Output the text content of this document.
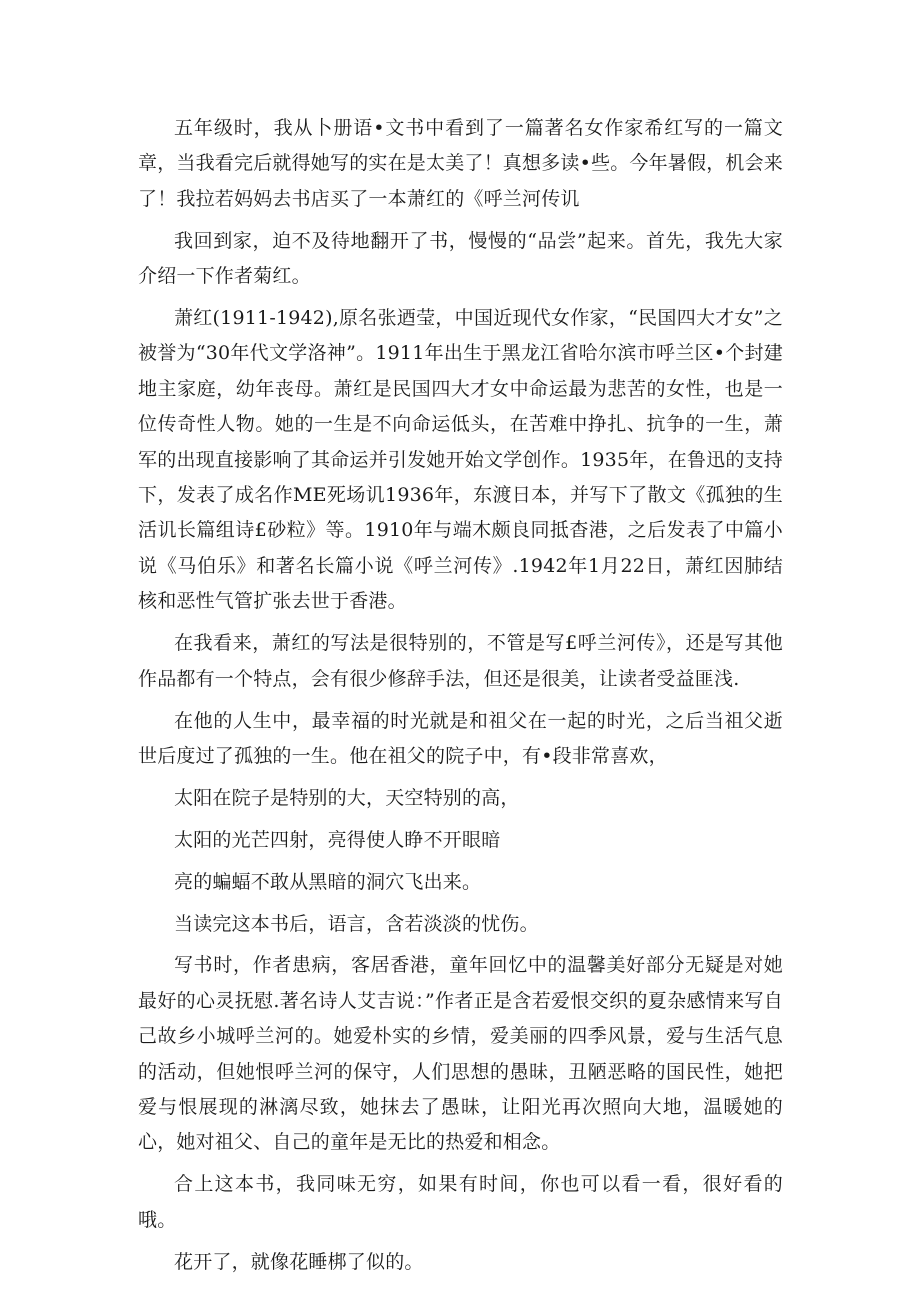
五年级时，我从卜册语•文书中看到了一篇著名女作家希红写的一篇文章，当我看完后就得她写的实在是太美了！真想多读•些。今年暑假，机会来了！我拉若妈妈去书店买了一本萧红的《呼兰河传讥

我回到家，迫不及待地翻开了书，慢慢的“品尝”起来。首先，我先大家介绍一下作者菊红。

萧红(1911-1942),原名张迺莹，中国近现代女作家，“民国四大才女”之被誉为“30年代文学洛神”。1911年出生于黑龙江省哈尔滨市呼兰区•个封建地主家庭，幼年丧母。萧红是民国四大才女中命运最为悲苦的女性，也是一位传奇性人物。她的一生是不向命运低头，在苦难中挣扎、抗争的一生，萧军的出现直接影响了其命运并引发她开始文学创作。1935年，在鲁迅的支持下，发表了成名作ME死场讥1936年，东渡日本，并写下了散文《孤独的生活讥长篇组诗£砂粒》等。1910年与端木颇良同抵杳港，之后发表了中篇小说《马伯乐》和著名长篇小说《呼兰河传》.1942年1月22日，萧红因肺结核和恶性气管扩张去世于香港。

在我看来，萧红的写法是很特别的，不管是写£呼兰河传》，还是写其他作品都有一个特点，会有很少修辞手法，但还是很美，让读者受益匪浅.

在他的人生中，最幸福的时光就是和祖父在一起的时光，之后当祖父逝世后度过了孤独的一生。他在祖父的院子中，有•段非常喜欢，

太阳在院子是特别的大，天空特别的高，

太阳的光芒四射，亮得使人睁不开眼暗

亮的蝙蝠不敢从黑暗的洞穴飞出来。

当读完这本书后，语言，含若淡淡的忧伤。

写书时，作者患病，客居香港，童年回忆中的温馨美好部分无疑是对她最好的心灵抚慰.著名诗人艾吉说：”作者正是含若爱恨交织的夏杂感情来写自己故乡小城呼兰河的。她爱朴实的乡情，爱美丽的四季风景，爱与生活气息的活动，但她恨呼兰河的保守，人们思想的愚昧，丑陋恶略的国民性，她把爱与恨展现的淋漓尽致，她抹去了愚昧，让阳光再次照向大地，温暖她的心，她对祖父、自己的童年是无比的热爱和相念。

合上这本书，我同味无穷，如果有时间，你也可以看一看，很好看的哦。

花开了，就像花睡梆了似的。
